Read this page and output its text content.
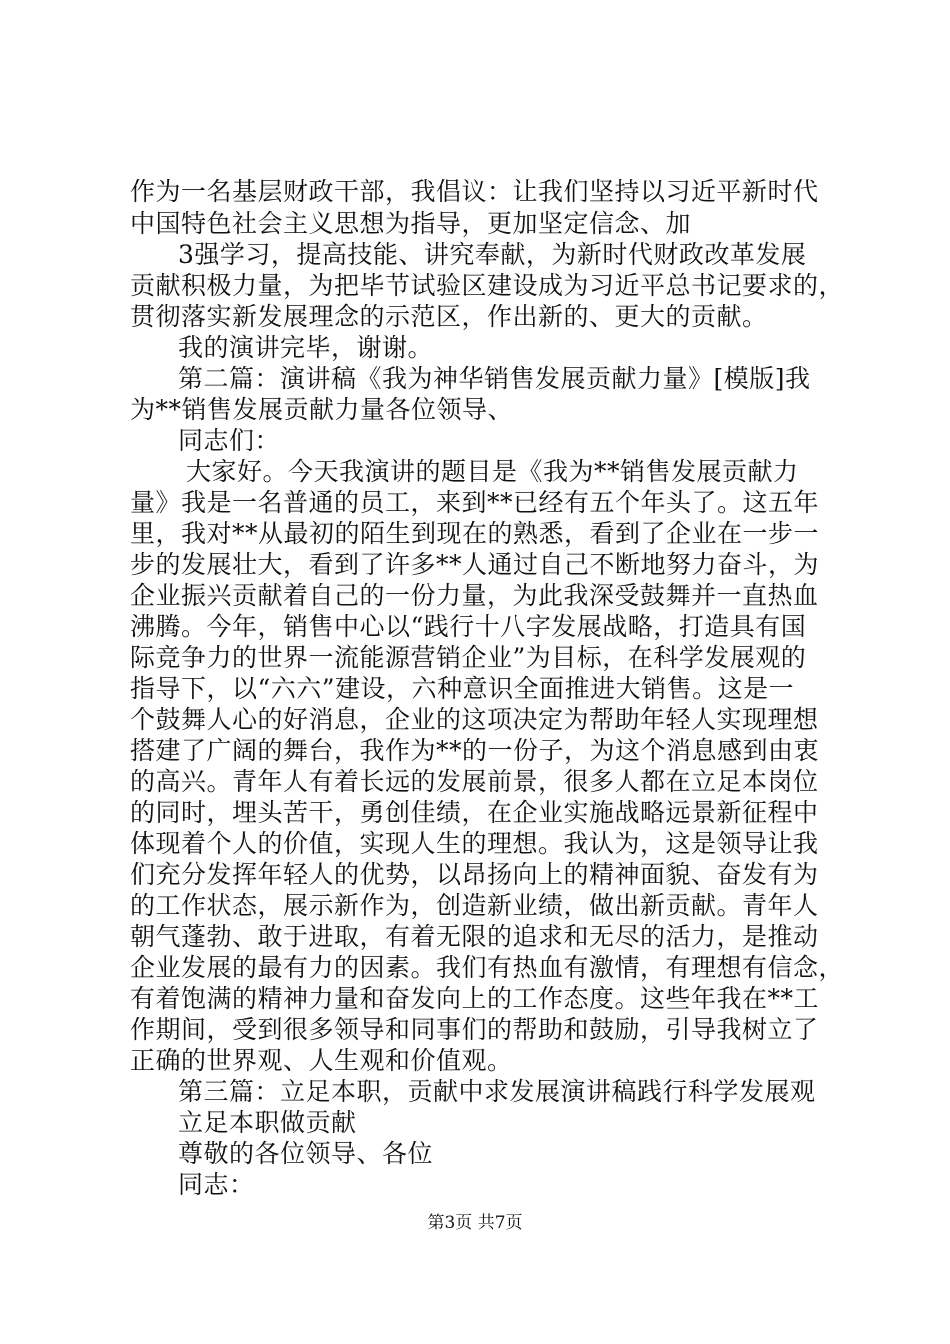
作为一名基层财政干部，我倡议：让我们坚持以习近平新时代
中国特色社会主义思想为指导，更加坚定信念、加
3强学习，提高技能、讲究奉献，为新时代财政改革发展
贡献积极力量，为把毕节试验区建设成为习近平总书记要求的，
贯彻落实新发展理念的示范区，作出新的、更大的贡献。
我的演讲完毕，谢谢。
第二篇：演讲稿《我为神华销售发展贡献力量》[模版]我
为**销售发展贡献力量各位领导、
同志们：
大家好。今天我演讲的题目是《我为**销售发展贡献力
量》我是一名普通的员工，来到**已经有五个年头了。这五年
里，我对**从最初的陌生到现在的熟悉，看到了企业在一步一
步的发展壮大，看到了许多**人通过自己不断地努力奋斗，为
企业振兴贡献着自己的一份力量，为此我深受鼓舞并一直热血
沸腾。今年，销售中心以“践行十八字发展战略，打造具有国
际竞争力的世界一流能源营销企业”为目标，在科学发展观的
指导下，以“六六”建设，六种意识全面推进大销售。这是一
个鼓舞人心的好消息，企业的这项决定为帮助年轻人实现理想
搭建了广阔的舞台，我作为**的一份子，为这个消息感到由衷
的高兴。青年人有着长远的发展前景，很多人都在立足本岗位
的同时，埋头苦干，勇创佳绩，在企业实施战略远景新征程中
体现着个人的价值，实现人生的理想。我认为，这是领导让我
们充分发挥年轻人的优势，以昂扬向上的精神面貌、奋发有为
的工作状态，展示新作为，创造新业绩，做出新贡献。青年人
朝气蓬勃、敢于进取，有着无限的追求和无尽的活力，是推动
企业发展的最有力的因素。我们有热血有激情，有理想有信念，
有着饱满的精神力量和奋发向上的工作态度。这些年我在**工
作期间，受到很多领导和同事们的帮助和鼓励，引导我树立了
正确的世界观、人生观和价值观。
第三篇：立足本职，贡献中求发展演讲稿践行科学发展观
立足本职做贡献
尊敬的各位领导、各位
同志：
第3页 共7页
